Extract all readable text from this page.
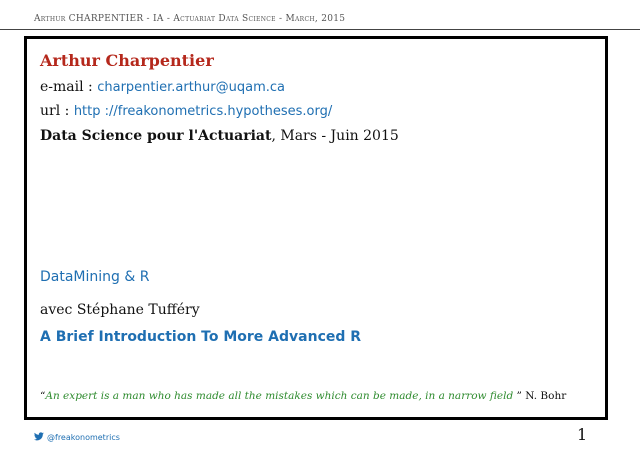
Arthur CHARPENTIER - IA - Actuariat Data Science - March, 2015
Arthur Charpentier
e-mail : charpentier.arthur@uqam.ca
url : http ://freakonometrics.hypotheses.org/
Data Science pour l'Actuariat, Mars - Juin 2015
DataMining & R
avec Stéphane Tufféry
A Brief Introduction To More Advanced R
“An expert is a man who has made all the mistakes which can be made, in a narrow field ” N. Bohr
@freakonometrics	1
